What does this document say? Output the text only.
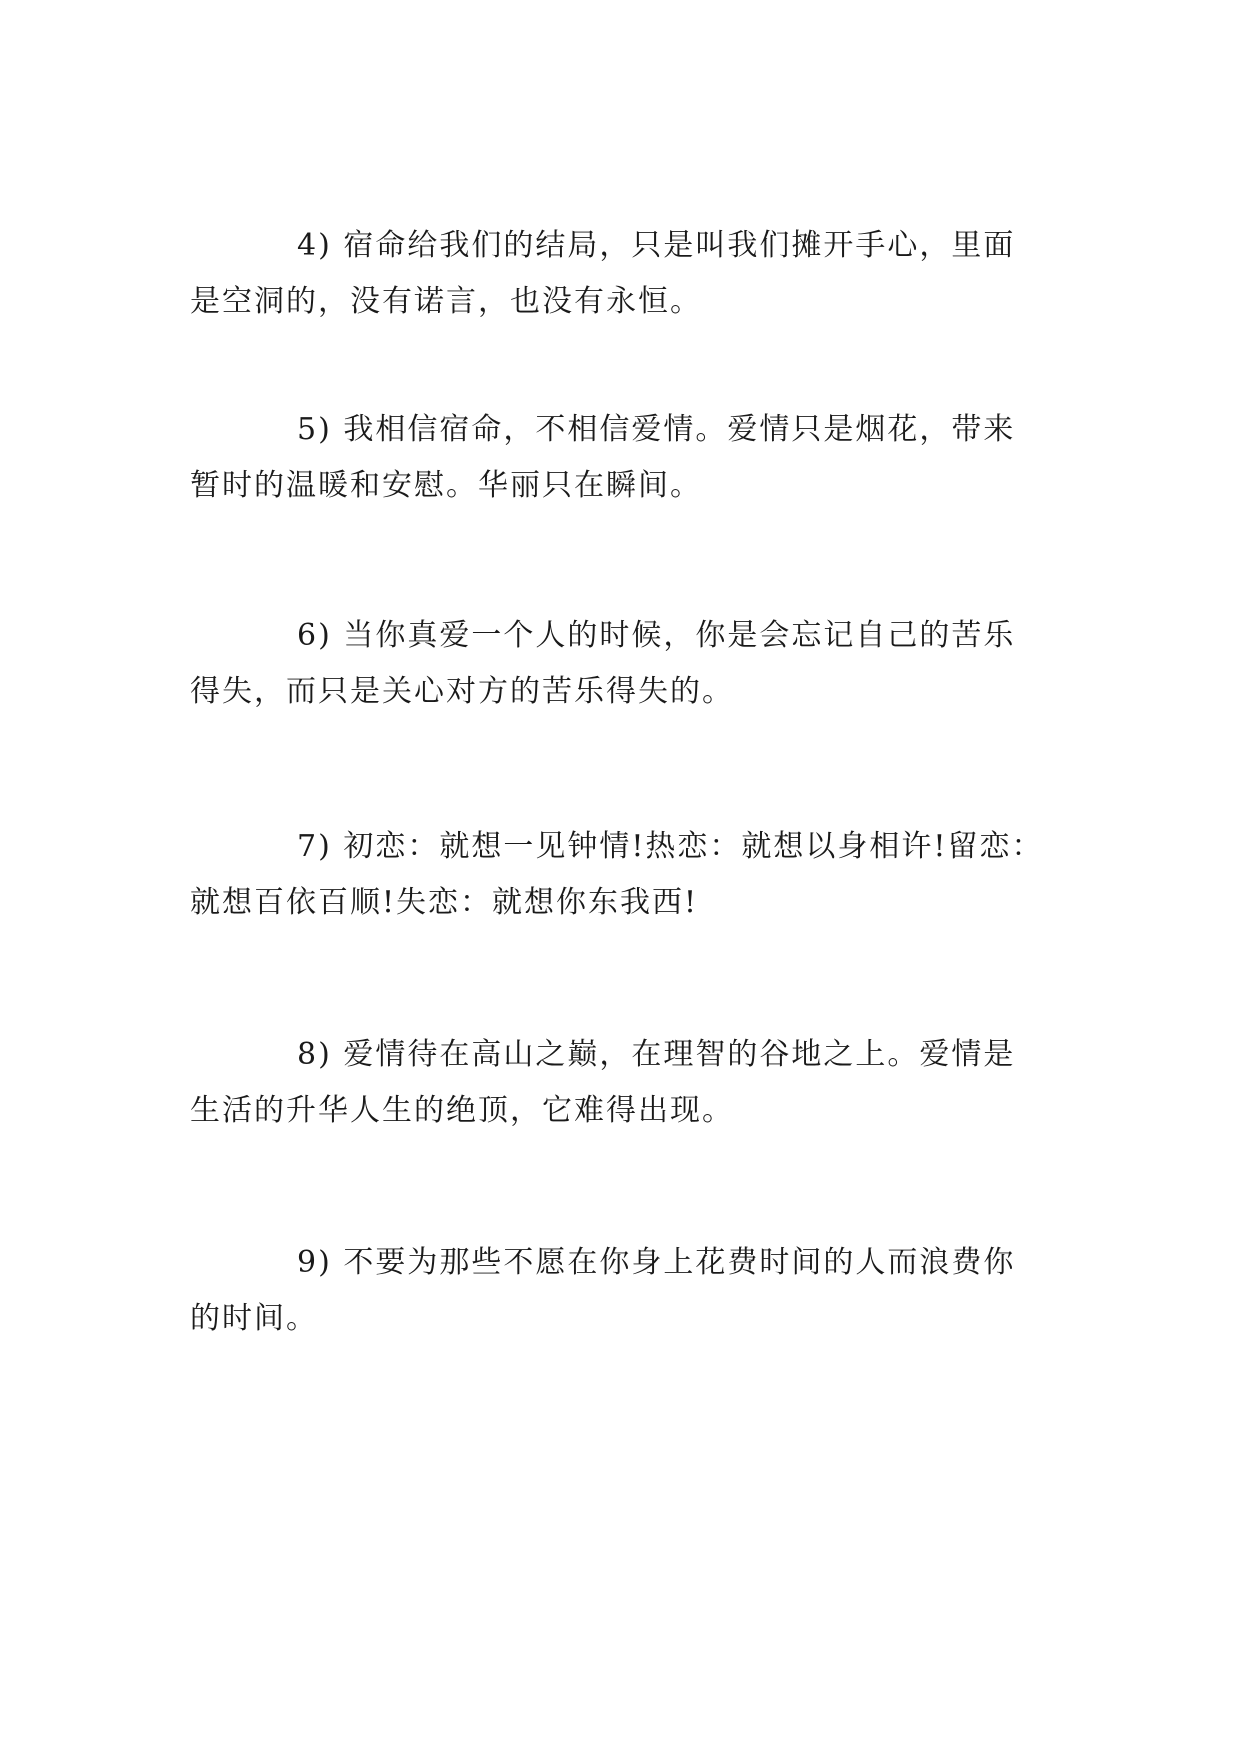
4) 宿命给我们的结局，只是叫我们摊开手心，里面
是空洞的，没有诺言，也没有永恒。

5) 我相信宿命，不相信爱情。爱情只是烟花，带来
暂时的温暖和安慰。华丽只在瞬间。

6) 当你真爱一个人的时候，你是会忘记自己的苦乐
得失，而只是关心对方的苦乐得失的。

7) 初恋：就想一见钟情!热恋：就想以身相许!留恋：
就想百依百顺!失恋：就想你东我西!

8) 爱情待在高山之巅，在理智的谷地之上。爱情是
生活的升华人生的绝顶，它难得出现。

9) 不要为那些不愿在你身上花费时间的人而浪费你
的时间。
